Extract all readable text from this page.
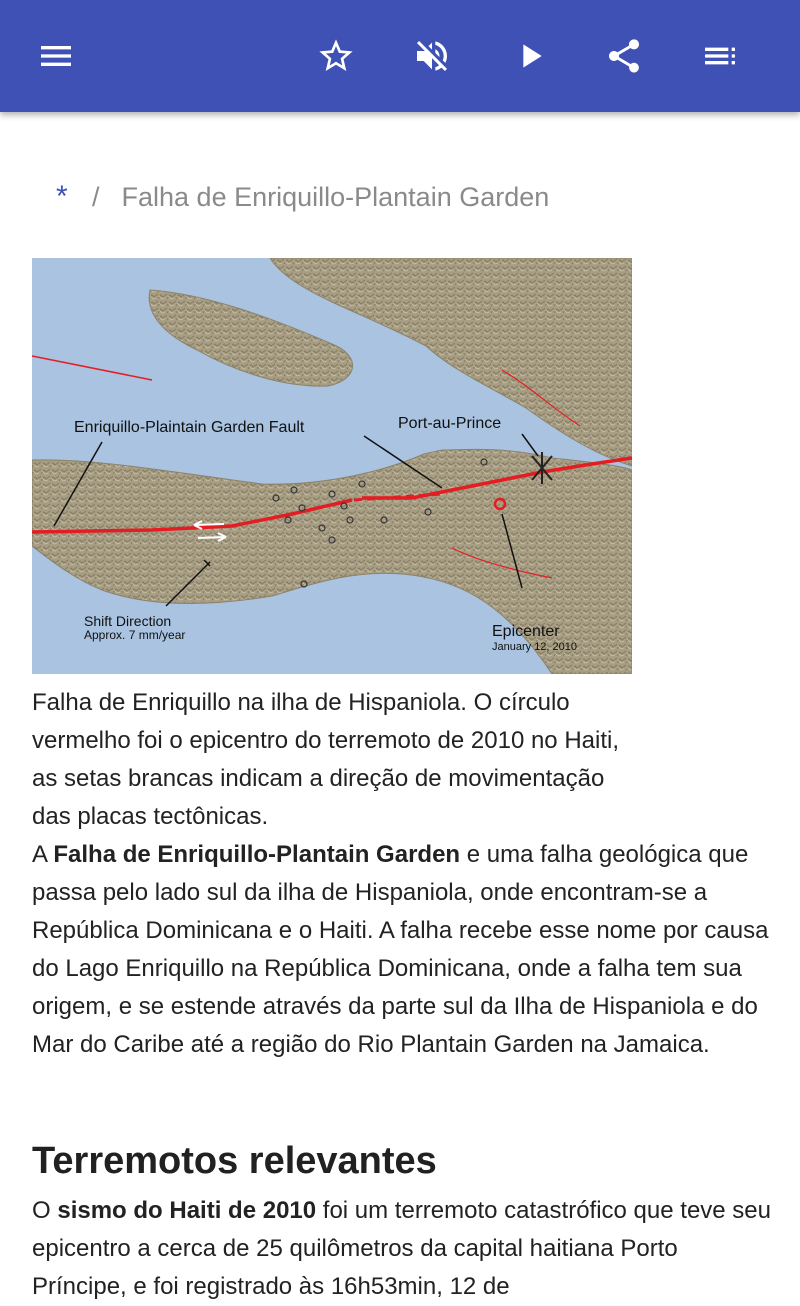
* / Falha de Enriquillo-Plantain Garden
Enriquillo-Plaintain Garden Fault	Port-au-Prince
Shift Direction
Approx. 7 mm/year	Epicenter
January 12, 2010
Falha de Enriquillo na ilha de Hispaniola. O círculo vermelho foi o epicentro do terremoto de 2010 no Haiti, as setas brancas indicam a direção de movimentação das placas tectônicas.
A Falha de Enriquillo-Plantain Garden e uma falha geológica que passa pelo lado sul da ilha de Hispaniola, onde encontram-se a República Dominicana e o Haiti. A falha recebe esse nome por causa do Lago Enriquillo na República Dominicana, onde a falha tem sua origem, e se estende através da parte sul da Ilha de Hispaniola e do Mar do Caribe até a região do Rio Plantain Garden na Jamaica.
Terremotos relevantes
O sismo do Haiti de 2010 foi um terremoto catastrófico que teve seu epicentro a cerca de 25 quilômetros da capital haitiana Porto Príncipe, e foi registrado às 16h53min, 12 de
